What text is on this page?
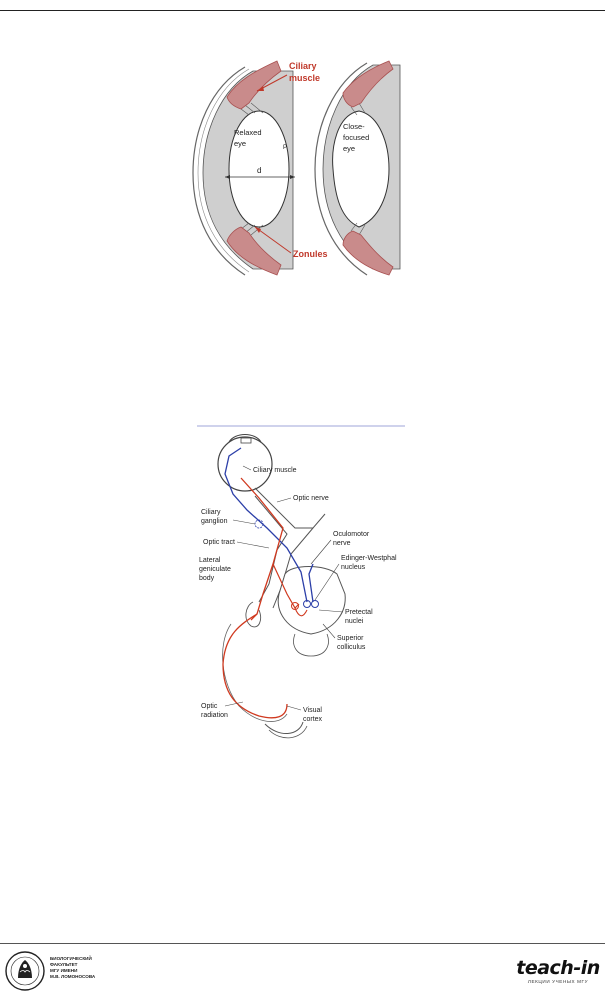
d
P
Relaxed
eye
Close-
focused
eye
Ciliary
muscle
Zonules
Ciliary muscle
Optic nerve
Ciliary
ganglion
Optic tract
Oculomotor
nerve
Edinger-Westphal
nucleus
Lateral
geniculate
body
Pretectal
nuclei
Superior
colliculus
Optic
radiation
Visual
cortex
БИОЛОГИЧЕСКИЙ
ФАКУЛЬТЕТ
МГУ ИМЕНИ
М.В. ЛОМОНОСОВА	teach-in
ЛЕКЦИИ УЧЕНЫХ МГУ
